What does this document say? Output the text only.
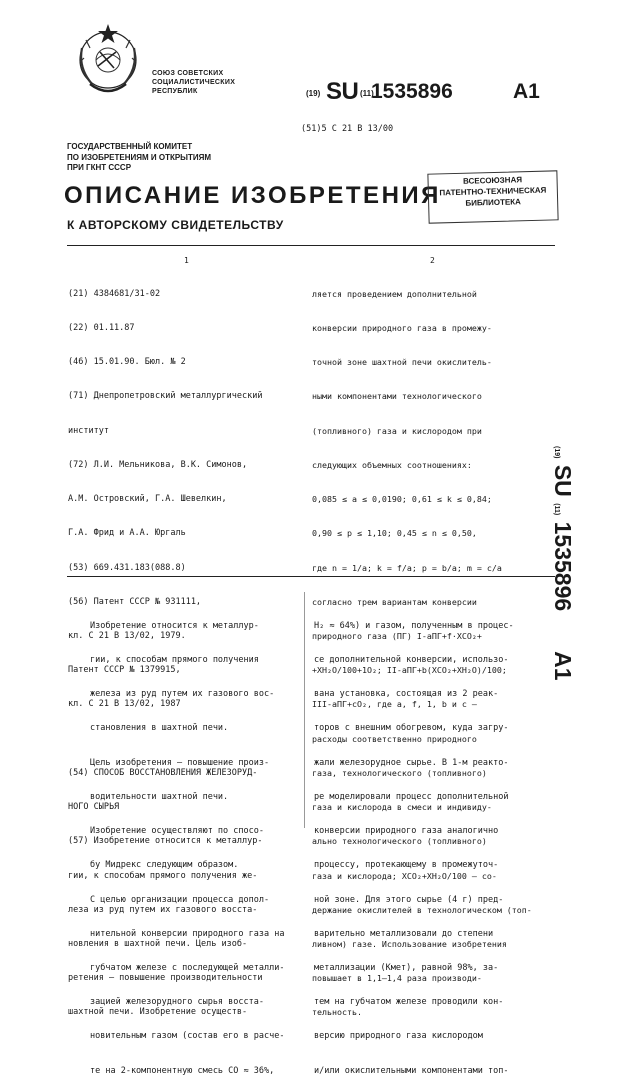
СОЮЗ СОВЕТСКИХ
СОЦИАЛИСТИЧЕСКИХ
РЕСПУБЛИК	(19) SU (11)
1535896	A1
(51)5 С 21 В 13/00
ГОСУДАРСТВЕННЫЙ КОМИТЕТ
ПО ИЗОБРЕТЕНИЯМ И ОТКРЫТИЯМ
ПРИ ГКНТ СССР
ОПИСАНИЕ ИЗОБРЕТЕНИЯ
К АВТОРСКОМУ СВИДЕТЕЛЬСТВУ
ВСЕСОЮЗНАЯ
ПАТЕНТНО-ТЕХНИЧЕСКАЯ
БИБЛИОТЕКА
1	2

(21) 4384681/31-02

(22) 01.11.87

(46) 15.01.90. Бюл. № 2

(71) Днепропетровский металлургический

институт

(72) Л.И. Мельникова, В.К. Симонов,

А.М. Островский, Г.А. Шевелкин,

Г.А. Фрид и А.А. Юргаль

(53) 669.431.183(088.8)

(56) Патент СССР № 931111,

кл. С 21 В 13/02, 1979.

Патент СССР № 1379915,

кл. С 21 В 13/02, 1987

(54) СПОСОБ ВОССТАНОВЛЕНИЯ ЖЕЛЕЗОРУД-

НОГО СЫРЬЯ

(57) Изобретение относится к металлур-

гии, к способам прямого получения же-

леза из руд путем их газового восста-

новления в шахтной печи. Цель изоб-

ретения – повышение производительности

шахтной печи. Изобретение осуществ-

ляется проведением дополнительной

конверсии природного газа в промежу-

точной зоне шахтной печи окислитель-

ными компонентами технологического

(топливного) газа и кислородом при

следующих объемных соотношениях:

0,085 ≤ a ≤ 0,0190; 0,61 ≤ k ≤ 0,84;

0,90 ≤ p ≤ 1,10; 0,45 ≤ n ≤ 0,50,

где n = 1/a; k = f/a; p = b/a; m = c/a

согласно трем вариантам конверсии

природного газа (ПГ) I-aПГ+f·ХСO₂+

+ХН₂О/100+1O₂; II-aПГ+b(ХСО₂+ХН₂О)/100;

III-aПГ+cO₂, где a, f, 1, b и c –

расходы соответственно природного

газа, технологического (топливного)

газа и кислорода в смеси и индивиду-

ально технологического (топливного)

газа и кислорода; ХСО₂+ХН₂О/100 – со-

держание окислителей в технологическом (топ-

ливном) газе. Использование изобретения

повышает в 1,1–1,4 раза производи-

тельность.

Изобретение относится к металлур-

гии, к способам прямого получения

железа из руд путем их газового вос-

становления в шахтной печи.

Цель изобретения – повышение произ-

водительности шахтной печи.

Изобретение осуществляют по спосо-

бу Мидрекс следующим образом.

С целью организации процесса допол-

нительной конверсии природного газа на

губчатом железе с последующей металли-

зацией железорудного сырья восста-

новительным газом (состав его в расче-

те на 2-компонентную смесь СО ≈ 36%,

Н₂ ≈ 64%) и газом, полученным в процес-

се дополнительной конверсии, использо-

вана установка, состоящая из 2 реак-

торов с внешним обогревом, куда загру-

жали железорудное сырье. В 1-м реакто-

ре моделировали процесс дополнительной

конверсии природного газа аналогично

процессу, протекающему в промежуточ-

ной зоне. Для этого сырье (4 г) пред-

варительно металлизовали до степени

металлизации (Kмет), равной 98%, за-

тем на губчатом железе проводили кон-

версию природного газа кислородом

и/или окислительными компонентами топ-

(19) SU (11) 1535896  A1
